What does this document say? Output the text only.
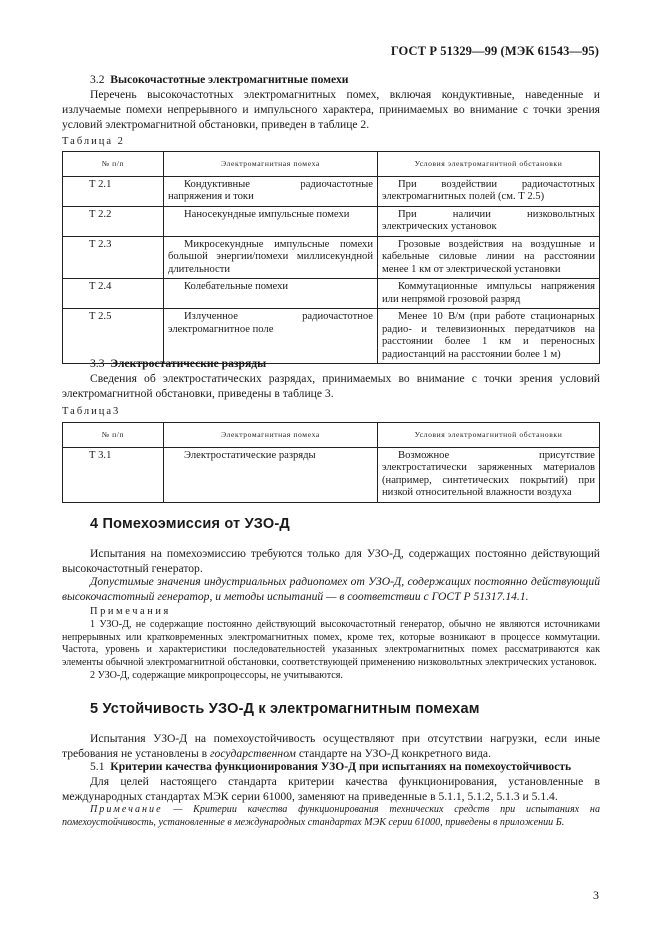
ГОСТ Р 51329—99 (МЭК 61543—95)
3.2 Высокочастотные электромагнитные помехи
Перечень высокочастотных электромагнитных помех, включая кондуктивные, наведенные и излучаемые помехи непрерывного и импульсного характера, принимаемых во внимание с точки зрения условий электромагнитной обстановки, приведен в таблице 2.
Таблица 2
№ п/п	Электромагнитная помеха	Условия электромагнитной обстановки
Т 2.1	Кондуктивные радиочастотные напряжения и токи	При воздействии радиочастотных электромагнитных полей (см. Т 2.5)
Т 2.2	Наносекундные импульсные помехи	При наличии низковольтных электрических установок
Т 2.3	Микросекундные импульсные помехи большой энергии/помехи миллисекундной длительности	Грозовые воздействия на воздушные и кабельные силовые линии на расстоянии менее 1 км от электрической установки
Т 2.4	Колебательные помехи	Коммутационные импульсы напряжения или непрямой грозовой разряд
Т 2.5	Излученное радиочастотное электромагнитное поле	Менее 10 В/м (при работе стационарных радио- и телевизионных передатчиков на расстоянии более 1 км и переносных радиостанций на расстоянии более 1 м)
3.3 Электростатические разряды
Сведения об электростатических разрядах, принимаемых во внимание с точки зрения условий электромагнитной обстановки, приведены в таблице 3.
Таблица3
№ п/п	Электромагнитная помеха	Условия электромагнитной обстановки
Т 3.1	Электростатические разряды	Возможное присутствие электростатически заряженных материалов (например, синтетических покрытий) при низкой относительной влажности воздуха
4 Помехоэмиссия от УЗО-Д
Испытания на помехоэмиссию требуются только для УЗО-Д, содержащих постоянно действующий высокочастотный генератор.
Допустимые значения индустриальных радиопомех от УЗО-Д, содержащих постоянно действующий высокочастотный генератор, и методы испытаний — в соответствии с ГОСТ Р 51317.14.1.
Примечания
1 УЗО-Д, не содержащие постоянно действующий высокочастотный генератор, обычно не являются источниками непрерывных или кратковременных электромагнитных помех, кроме тех, которые возникают в процессе коммутации. Частота, уровень и характеристики последовательностей указанных электромагнитных помех рассматриваются как элементы обычной электромагнитной обстановки, соответствующей применению низковольтных электрических установок.
2 УЗО-Д, содержащие микропроцессоры, не учитываются.
5 Устойчивость УЗО-Д к электромагнитным помехам
Испытания УЗО-Д на помехоустойчивость осуществляют при отсутствии нагрузки, если иные требования не установлены в государственном стандарте на УЗО-Д конкретного вида.
5.1 Критерии качества функционирования УЗО-Д при испытаниях на помехоустойчивость
Для целей настоящего стандарта критерии качества функционирования, установленные в международных стандартах МЭК серии 61000, заменяют на приведенные в 5.1.1, 5.1.2, 5.1.3 и 5.1.4.
Примечание — Критерии качества функционирования технических средств при испытаниях на помехоустойчивость, установленные в международных стандартах МЭК серии 61000, приведены в приложении Б.
3
